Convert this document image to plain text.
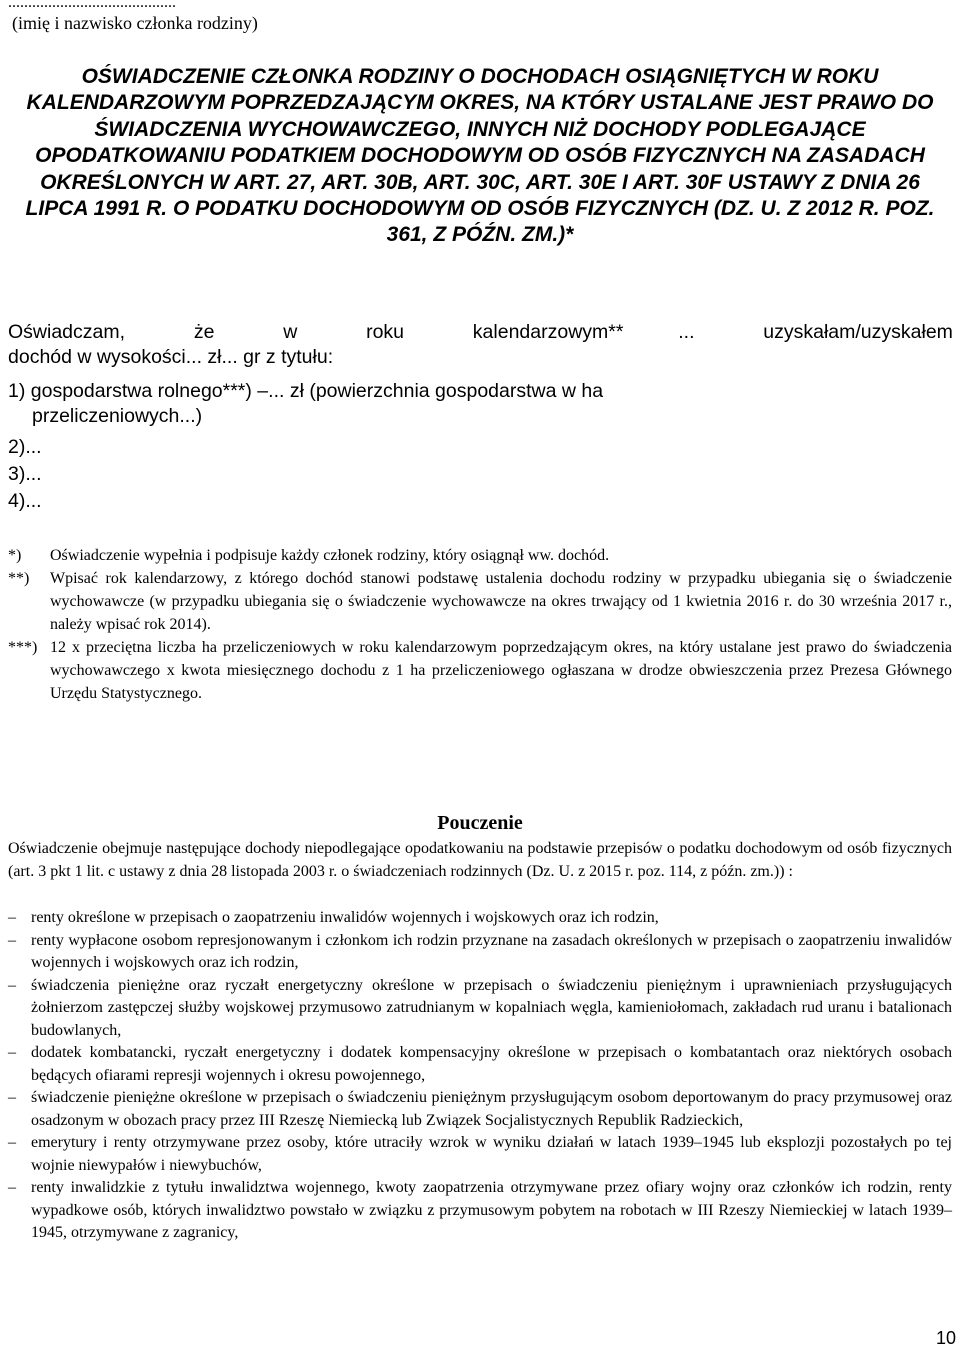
..........................................
(imię i nazwisko członka rodziny)
OŚWIADCZENIE CZŁONKA RODZINY O DOCHODACH OSIĄGNIĘTYCH W ROKU KALENDARZOWYM POPRZEDZAJĄCYM OKRES, NA KTÓRY USTALANE JEST PRAWO DO ŚWIADCZENIA WYCHOWAWCZEGO, INNYCH NIŻ DOCHODY PODLEGAJĄCE OPODATKOWANIU PODATKIEM DOCHODOWYM OD OSÓB FIZYCZNYCH NA ZASADACH OKREŚLONYCH W ART. 27, ART. 30B, ART. 30C, ART. 30E I ART. 30F USTAWY Z DNIA 26 LIPCA 1991 R. O PODATKU DOCHODOWYM OD OSÓB FIZYCZNYCH (DZ. U. Z 2012 R. POZ. 361, Z PÓŹN. ZM.)*
Oświadczam,	że	w	roku	kalendarzowym**	...	uzyskałam/uzyskałem
dochód w wysokości... zł... gr z tytułu:
1) gospodarstwa rolnego***) –... zł (powierzchnia gospodarstwa w ha
przeliczeniowych...)
2)...
3)...
4)...
*)	Oświadczenie wypełnia i podpisuje każdy członek rodziny, który osiągnął ww. dochód.
**)	Wpisać rok kalendarzowy, z którego dochód stanowi podstawę ustalenia dochodu rodziny w przypadku ubiegania się o świadczenie wychowawcze (w przypadku ubiegania się o świadczenie wychowawcze na okres trwający od 1 kwietnia 2016 r. do 30 września 2017 r., należy wpisać rok 2014).
***) 12 x przeciętna liczba ha przeliczeniowych w roku kalendarzowym poprzedzającym okres, na który ustalane jest prawo do świadczenia wychowawczego x kwota miesięcznego dochodu z 1 ha przeliczeniowego ogłaszana w drodze obwieszczenia przez Prezesa Głównego Urzędu Statystycznego.
Pouczenie
Oświadczenie obejmuje następujące dochody niepodlegające opodatkowaniu na podstawie przepisów o podatku dochodowym od osób fizycznych (art. 3 pkt 1 lit. c ustawy z dnia 28 listopada 2003 r. o świadczeniach rodzinnych (Dz. U. z 2015 r. poz. 114, z późn. zm.)) :
– renty określone w przepisach o zaopatrzeniu inwalidów wojennych i wojskowych oraz ich rodzin,
– renty wypłacone osobom represjonowanym i członkom ich rodzin przyznane na zasadach określonych w przepisach o zaopatrzeniu inwalidów wojennych i wojskowych oraz ich rodzin,
– świadczenia pieniężne oraz ryczałt energetyczny określone w przepisach o świadczeniu pieniężnym i uprawnieniach przysługujących żołnierzom zastępczej służby wojskowej przymusowo zatrudnianym w kopalniach węgla, kamieniołomach, zakładach rud uranu i batalionach budowlanych,
– dodatek kombatancki, ryczałt energetyczny i dodatek kompensacyjny określone w przepisach o kombatantach oraz niektórych osobach będących ofiarami represji wojennych i okresu powojennego,
– świadczenie pieniężne określone w przepisach o świadczeniu pieniężnym przysługującym osobom deportowanym do pracy przymusowej oraz osadzonym w obozach pracy przez III Rzeszę Niemiecką lub Związek Socjalistycznych Republik Radzieckich,
– emerytury i renty otrzymywane przez osoby, które utraciły wzrok w wyniku działań w latach 1939–1945 lub eksplozji pozostałych po tej wojnie niewypałów i niewybuchów,
– renty inwalidzkie z tytułu inwalidztwa wojennego, kwoty zaopatrzenia otrzymywane przez ofiary wojny oraz członków ich rodzin, renty wypadkowe osób, których inwalidztwo powstało w związku z przymusowym pobytem na robotach w III Rzeszy Niemieckiej w latach 1939–1945, otrzymywane z zagranicy,
10
